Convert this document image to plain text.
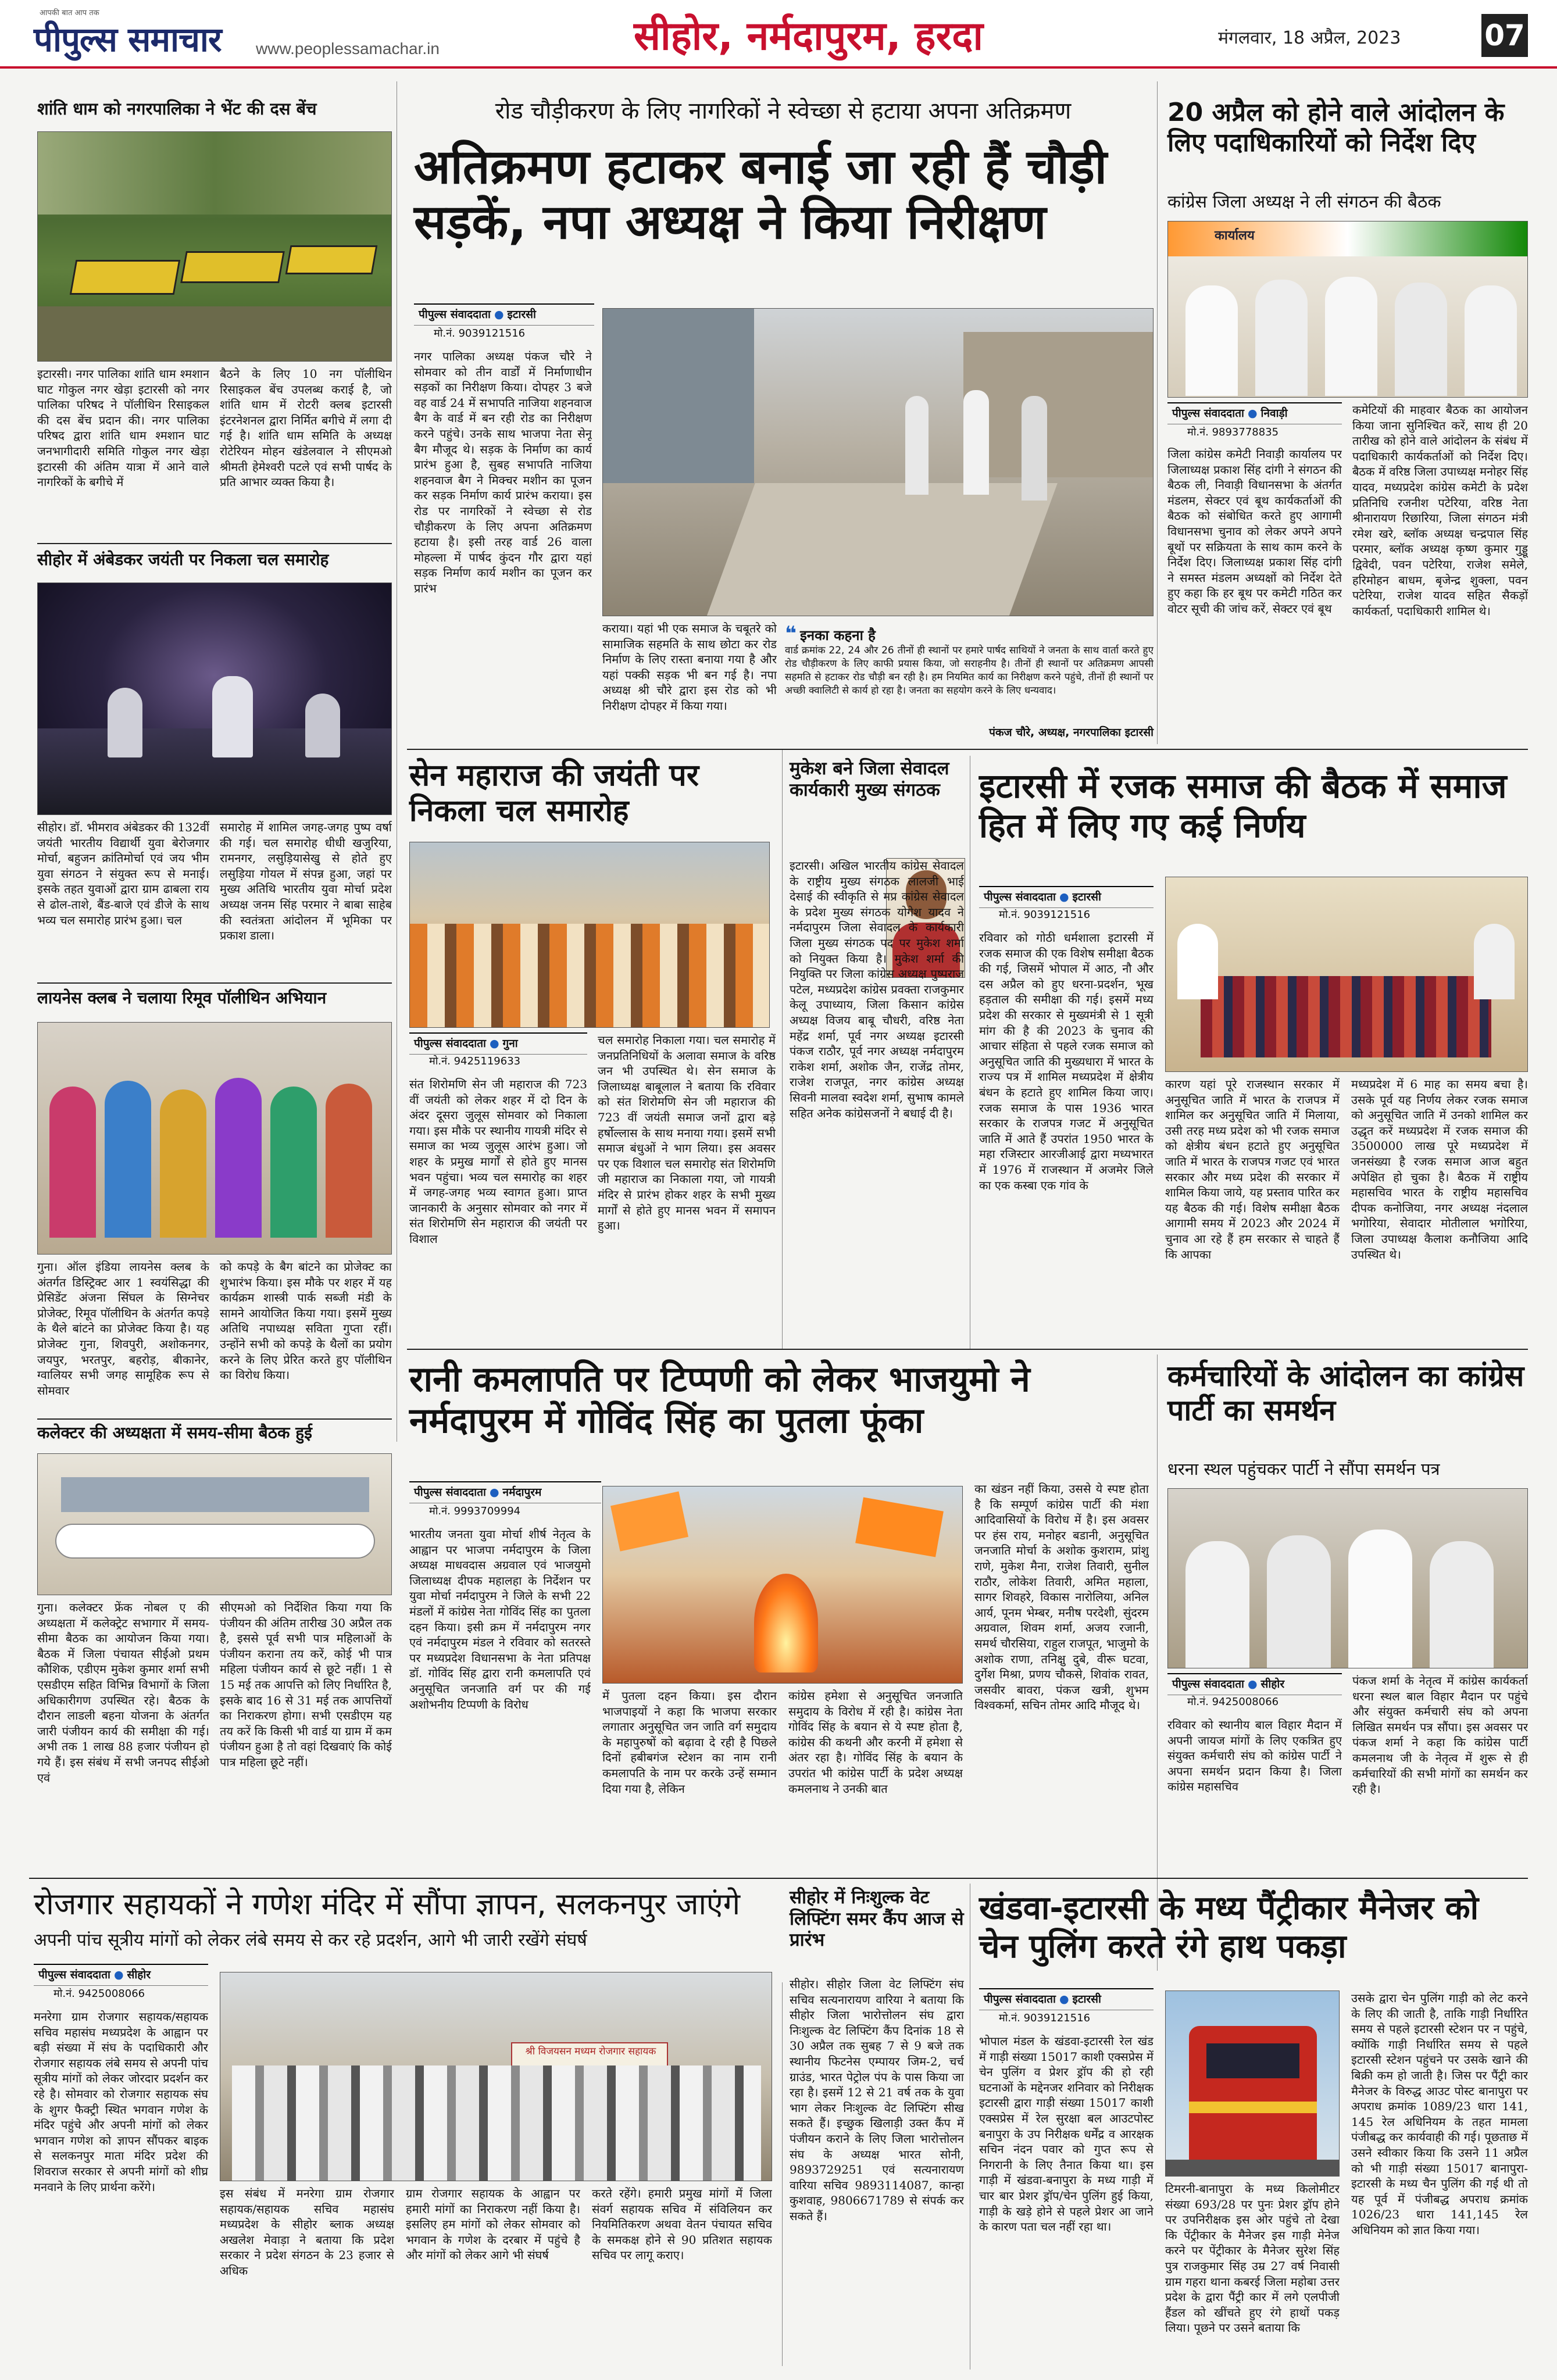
आपकी बात आप तक
पीपुल्स समाचार www.peoplessamachar.in	सीहोर, नर्मदापुरम, हरदा	मंगलवार, 18 अप्रैल, 2023	07
शांति धाम को नगरपालिका ने भेंट की दस बेंच
इटारसी। नगर पालिका शांति धाम श्मशान घाट गोकुल नगर खेड़ा इटारसी को नगर पालिका परिषद ने पॉलीथिन रिसाइकल की दस बेंच प्रदान की। नगर पालिका परिषद द्वारा शांति धाम श्मशान घाट जनभागीदारी समिति गोकुल नगर खेड़ा इटारसी की अंतिम यात्रा में आने वाले नागरिकों के बगीचे में
बैठने के लिए 10 नग पॉलीथिन रिसाइकल बेंच उपलब्ध कराई है, जो शांति धाम में रोटरी क्लब इटारसी इंटरनेशनल द्वारा निर्मित बगीचे में लगा दी गई है। शांति धाम समिति के अध्यक्ष रोटेरियन मोहन खंडेलवाल ने सीएमओ श्रीमती हेमेश्वरी पटले एवं सभी पार्षद के प्रति आभार व्यक्त किया है।
सीहोर में अंबेडकर जयंती पर निकला चल समारोह
सीहोर। डॉ. भीमराव अंबेडकर की 132वीं जयंती भारतीय विद्यार्थी युवा बेरोजगार मोर्चा, बहुजन क्रांतिमोर्चा एवं जय भीम युवा संगठन ने संयुक्त रूप से मनाई। इसके तहत युवाओं द्वारा ग्राम ढाबला राय से ढोल-ताशे, बैंड-बाजे एवं डीजे के साथ भव्य चल समारोह प्रारंभ हुआ। चल
समारोह में शामिल जगह-जगह पुष्प वर्षा की गई। चल समारोह धीधी खजुरिया, रामनगर, लसुड़ियासेखु से होते हुए लसुड़िया गोयल में संपन्न हुआ, जहां पर मुख्य अतिथि भारतीय युवा मोर्चा प्रदेश अध्यक्ष जनम सिंह परमार ने बाबा साहेब की स्वतंत्रता आंदोलन में भूमिका पर प्रकाश डाला।
लायनेस क्लब ने चलाया रिमूव पॉलीथिन अभियान
गुना। ऑल इंडिया लायनेस क्लब के अंतर्गत डिस्ट्रिक्ट आर 1 स्वयंसिद्धा की प्रेसिडेंट अंजना सिंघल के सिग्नेचर प्रोजेक्ट, रिमूव पॉलीथिन के अंतर्गत कपड़े के थैले बांटने का प्रोजेक्ट किया है। यह प्रोजेक्ट गुना, शिवपुरी, अशोकनगर, जयपुर, भरतपुर, बहरोड़, बीकानेर, ग्वालियर सभी जगह सामूहिक रूप से सोमवार
को कपड़े के बैग बांटने का प्रोजेक्ट का शुभारंभ किया। इस मौके पर शहर में यह कार्यक्रम शास्त्री पार्क सब्जी मंडी के सामने आयोजित किया गया। इसमें मुख्य अतिथि नपाध्यक्ष सविता गुप्ता रहीं। उन्होंने सभी को कपड़े के थैलों का प्रयोग करने के लिए प्रेरित करते हुए पॉलीथिन का विरोध किया।
कलेक्टर की अध्यक्षता में समय-सीमा बैठक हुई
गुना। कलेक्टर फ्रेंक नोबल ए की अध्यक्षता में कलेक्ट्रेट सभागार में समय-सीमा बैठक का आयोजन किया गया। बैठक में जिला पंचायत सीईओ प्रथम कौशिक, एडीएम मुकेश कुमार शर्मा सभी एसडीएम सहित विभिन्न विभागों के जिला अधिकारीगण उपस्थित रहे। बैठक के दौरान लाडली बहना योजना के अंतर्गत जारी पंजीयन कार्य की समीक्षा की गई। अभी तक 1 लाख 88 हजार पंजीयन हो गये हैं। इस संबंध में सभी जनपद सीईओ एवं
सीएमओ को निर्देशित किया गया कि पंजीयन की अंतिम तारीख 30 अप्रैल तक है, इससे पूर्व सभी पात्र महिलाओं के पंजीयन कराना तय करें, कोई भी पात्र महिला पंजीयन कार्य से छूटे नहीं। 1 से 15 मई तक आपत्ति को लिए निर्धारित है, इसके बाद 16 से 31 मई तक आपत्तियों का निराकरण होगा। सभी एसडीएम यह तय करें कि किसी भी वार्ड या ग्राम में कम पंजीयन हुआ है तो वहां दिखवाएं कि कोई पात्र महिला छूटे नहीं।
रोड चौड़ीकरण के लिए नागरिकों ने स्वेच्छा से हटाया अपना अतिक्रमण
अतिक्रमण हटाकर बनाई जा रही हैं चौड़ी सड़कें, नपा अध्यक्ष ने किया निरीक्षण
पीपुल्स संवाददाता ● इटारसी
मो.नं. 9039121516
नगर पालिका अध्यक्ष पंकज चौरे ने सोमवार को तीन वार्डों में निर्माणाधीन सड़कों का निरीक्षण किया। दोपहर 3 बजे वह वार्ड 24 में सभापति नाजिया शहनवाज बैग के वार्ड में बन रही रोड का निरीक्षण करने पहुंचे। उनके साथ भाजपा नेता सेनू बैग मौजूद थे। सड़क के निर्माण का कार्य प्रारंभ हुआ है, सुबह सभापति नाजिया शहनवाज बैग ने मिक्चर मशीन का पूजन कर सड़क निर्माण कार्य प्रारंभ कराया। इस रोड पर नागरिकों ने स्वेच्छा से रोड चौड़ीकरण के लिए अपना अतिक्रमण हटाया है। इसी तरह वार्ड 26 वाला मोहल्ला में पार्षद कुंदन गौर द्वारा यहां सड़क निर्माण कार्य मशीन का पूजन कर प्रारंभ
कराया। यहां भी एक समाज के चबूतरे को सामाजिक सहमति के साथ छोटा कर रोड निर्माण के लिए रास्ता बनाया गया है और यहां पक्की सड़क भी बन गई है। नपा अध्यक्ष श्री चौरे द्वारा इस रोड को भी निरीक्षण दोपहर में किया गया।
❝ इनका कहना है
वार्ड क्रमांक 22, 24 और 26 तीनों ही स्थानों पर हमारे पार्षद साथियों ने जनता के साथ वार्ता करते हुए रोड चौड़ीकरण के लिए काफी प्रयास किया, जो सराहनीय है। तीनों ही स्थानों पर अतिक्रमण आपसी सहमति से हटाकर रोड चौड़ी बन रही है। हम नियमित कार्य का निरीक्षण करने पहुंचे, तीनों ही स्थानों पर अच्छी क्वालिटी से कार्य हो रहा है। जनता का सहयोग करने के लिए धन्यवाद।
पंकज चौरे, अध्यक्ष, नगरपालिका इटारसी
20 अप्रैल को होने वाले आंदोलन के लिए पदाधिकारियों को निर्देश दिए
कांग्रेस जिला अध्यक्ष ने ली संगठन की बैठक
कार्यालय
पीपुल्स संवाददाता ● निवाड़ी
मो.नं. 9893778835
जिला कांग्रेस कमेटी निवाड़ी कार्यालय पर जिलाध्यक्ष प्रकाश सिंह दांगी ने संगठन की बैठक ली, निवाड़ी विधानसभा के अंतर्गत मंडलम, सेक्टर एवं बूथ कार्यकर्ताओं की बैठक को संबोधित करते हुए आगामी विधानसभा चुनाव को लेकर अपने अपने बूथों पर सक्रियता के साथ काम करने के निर्देश दिए। जिलाध्यक्ष प्रकाश सिंह दांगी ने समस्त मंडलम अध्यक्षों को निर्देश देते हुए कहा कि हर बूथ पर कमेटी गठित कर वोटर सूची की जांच करें, सेक्टर एवं बूथ
कमेटियों की माहवार बैठक का आयोजन किया जाना सुनिश्चित करें, साथ ही 20 तारीख को होने वाले आंदोलन के संबंध में पदाधिकारी कार्यकर्ताओं को निर्देश दिए। बैठक में वरिष्ठ जिला उपाध्यक्ष मनोहर सिंह यादव, मध्यप्रदेश कांग्रेस कमेटी के प्रदेश प्रतिनिधि रजनीश पटेरिया, वरिष्ठ नेता श्रीनारायण रिछारिया, जिला संगठन मंत्री रमेश खरे, ब्लॉक अध्यक्ष चन्द्रपाल सिंह परमार, ब्लॉक अध्यक्ष कृष्ण कुमार गुड्डू द्विवेदी, पवन पटेरिया, राजेश समेले, हरिमोहन बाधम, बृजेन्द्र शुक्ला, पवन पटेरिया, राजेश यादव सहित सैकड़ों कार्यकर्ता, पदाधिकारी शामिल थे।
सेन महाराज की जयंती पर निकला चल समारोह
पीपुल्स संवाददाता ● गुना
मो.नं. 9425119633
संत शिरोमणि सेन जी महाराज की 723 वीं जयंती को लेकर शहर में दो दिन के अंदर दूसरा जुलूस सोमवार को निकाला गया। इस मौके पर स्थानीय गायत्री मंदिर से समाज का भव्य जुलूस आरंभ हुआ। जो शहर के प्रमुख मार्गों से होते हुए मानस भवन पहुंचा। भव्य चल समारोह का शहर में जगह-जगह भव्य स्वागत हुआ। प्राप्त जानकारी के अनुसार सोमवार को नगर में संत शिरोमणि सेन महाराज की जयंती पर विशाल
चल समारोह निकाला गया। चल समारोह में जनप्रतिनिधियों के अलावा समाज के वरिष्ठ जन भी उपस्थित थे। सेन समाज के जिलाध्यक्ष बाबूलाल ने बताया कि रविवार को संत शिरोमणि सेन जी महाराज की 723 वीं जयंती समाज जनों द्वारा बड़े हर्षोल्लास के साथ मनाया गया। इसमें सभी समाज बंधुओं ने भाग लिया। इस अवसर पर एक विशाल चल समारोह संत शिरोमणि जी महाराज का निकाला गया, जो गायत्री मंदिर से प्रारंभ होकर शहर के सभी मुख्य मार्गों से होते हुए मानस भवन में समापन हुआ।
मुकेश बने जिला सेवादल कार्यकारी मुख्य संगठक
इटारसी। अखिल भारतीय कांग्रेस सेवादल के राष्ट्रीय मुख्य संगठक लालजी भाई देसाई की स्वीकृति से मप्र कांग्रेस सेवादल के प्रदेश मुख्य संगठक योगेश यादव ने नर्मदापुरम जिला सेवादल के कार्यकारी जिला मुख्य संगठक पद पर मुकेश शर्मा को नियुक्त किया है। मुकेश शर्मा की नियुक्ति पर जिला कांग्रेस अध्यक्ष पुष्पराज पटेल, मध्यप्रदेश कांग्रेस प्रवक्ता राजकुमार केलू उपाध्याय, जिला किसान कांग्रेस अध्यक्ष विजय बाबू चौधरी, वरिष्ठ नेता महेंद्र शर्मा, पूर्व नगर अध्यक्ष इटारसी पंकज राठौर, पूर्व नगर अध्यक्ष नर्मदापुरम राकेश शर्मा, अशोक जैन, राजेंद्र तोमर, राजेश राजपूत, नगर कांग्रेस अध्यक्ष सिवनी मालवा स्वदेश शर्मा, सुभाष कामले सहित अनेक कांग्रेसजनों ने बधाई दी है।
इटारसी में रजक समाज की बैठक में समाज हित में लिए गए कई निर्णय
पीपुल्स संवाददाता ● इटारसी
मो.नं. 9039121516
रविवार को गोठी धर्मशाला इटारसी में रजक समाज की एक विशेष समीक्षा बैठक की गई, जिसमें भोपाल में आठ, नौ और दस अप्रैल को हुए धरना-प्रदर्शन, भूख हड़ताल की समीक्षा की गई। इसमें मध्य प्रदेश की सरकार से मुख्यमंत्री से 1 सूत्री मांग की है की 2023 के चुनाव की आचार संहिता से पहले रजक समाज को अनुसूचित जाति की मुख्यधारा में भारत के राज्य पत्र में शामिल मध्यप्रदेश में क्षेत्रीय बंधन के हटाते हुए शामिल किया जाए। रजक समाज के पास 1936 भारत सरकार के राजपत्र गजट में अनुसूचित जाति में आते हैं उपरांत 1950 भारत के महा रजिस्टार आरजीआई द्वारा मध्यभारत में 1976 में राजस्थान में अजमेर जिले का एक कस्बा एक गांव के
कारण यहां पूरे राजस्थान सरकार में अनुसूचित जाति में भारत के राजपत्र में शामिल कर अनुसूचित जाति में मिलाया, उसी तरह मध्य प्रदेश को भी रजक समाज को क्षेत्रीय बंधन हटाते हुए अनुसूचित जाति में भारत के राजपत्र गजट एवं भारत सरकार और मध्य प्रदेश की सरकार में शामिल किया जाये, यह प्रस्ताव पारित कर यह बैठक की गई। विशेष समीक्षा बैठक आगामी समय में 2023 और 2024 में चुनाव आ रहे हैं हम सरकार से चाहते हैं कि आपका
मध्यप्रदेश में 6 माह का समय बचा है। उसके पूर्व यह निर्णय लेकर रजक समाज को अनुसूचित जाति में उनको शामिल कर उद्धृत करें मध्यप्रदेश में रजक समाज की 3500000 लाख पूरे मध्यप्रदेश में जनसंख्या है रजक समाज आज बहुत अपेक्षित हो चुका है। बैठक में राष्ट्रीय महासचिव भारत के राष्ट्रीय महासचिव दीपक कनोजिया, नगर अध्यक्ष नंदलाल भगोरिया, सेवादार मोतीलाल भगोरिया, जिला उपाध्यक्ष कैलाश कनौजिया आदि उपस्थित थे।
रानी कमलापति पर टिप्पणी को लेकर भाजयुमो ने नर्मदापुरम में गोविंद सिंह का पुतला फूंका
पीपुल्स संवाददाता ● नर्मदापुरम
मो.नं. 9993709994
भारतीय जनता युवा मोर्चा शीर्ष नेतृत्व के आह्वान पर भाजपा नर्मदापुरम के जिला अध्यक्ष माधवदास अग्रवाल एवं भाजयुमो जिलाध्यक्ष दीपक महालहा के निर्देशन पर युवा मोर्चा नर्मदापुरम ने जिले के सभी 22 मंडलों में कांग्रेस नेता गोविंद सिंह का पुतला दहन किया। इसी क्रम में नर्मदापुरम नगर एवं नर्मदापुरम मंडल ने रविवार को सतरस्ते पर मध्यप्रदेश विधानसभा के नेता प्रतिपक्ष डॉ. गोविंद सिंह द्वारा रानी कमलापति एवं अनुसूचित जनजाति वर्ग पर की गई अशोभनीय टिप्पणी के विरोध
में पुतला दहन किया। इस दौरान भाजपाइयों ने कहा कि भाजपा सरकार लगातार अनुसूचित जन जाति वर्ग समुदाय के महापुरुषों को बढ़ावा दे रही है पिछले दिनों हबीबगंज स्टेशन का नाम रानी कमलापति के नाम पर करके उन्हें सम्मान दिया गया है, लेकिन
कांग्रेस हमेशा से अनुसूचित जनजाति समुदाय के विरोध में रही है। कांग्रेस नेता गोविंद सिंह के बयान से ये स्पष्ट होता है, कांग्रेस की कथनी और करनी में हमेशा से अंतर रहा है। गोविंद सिंह के बयान के उपरांत भी कांग्रेस पार्टी के प्रदेश अध्यक्ष कमलनाथ ने उनकी बात
का खंडन नहीं किया, उससे ये स्पष्ट होता है कि सम्पूर्ण कांग्रेस पार्टी की मंशा आदिवासियों के विरोध में है। इस अवसर पर हंस राय, मनोहर बडानी, अनुसूचित जनजाति मोर्चा के अशोक कुशराम, प्रांशु राणे, मुकेश मैना, राजेश तिवारी, सुनील राठौर, लोकेश तिवारी, अमित महाला, सागर शिवहरे, विकास नारोलिया, अनिल आर्य, पूनम भेम्बर, मनीष परदेशी, सुंदरम अग्रवाल, शिवम शर्मा, अजय रजानी, समर्थ चौरसिया, राहुल राजपूत, भाजुमो के अशोक राणा, तनिक्षु दुबे, वीरू घटवा, दुर्गेश मिश्रा, प्रणय चौकसे, शिवांक रावत, जसवीर बावरा, पंकज खत्री, शुभम विश्वकर्मा, सचिन तोमर आदि मौजूद थे।
कर्मचारियों के आंदोलन का कांग्रेस पार्टी का समर्थन
धरना स्थल पहुंचकर पार्टी ने सौंपा समर्थन पत्र
पीपुल्स संवाददाता ● सीहोर
मो.नं. 9425008066
रविवार को स्थानीय बाल विहार मैदान में अपनी जायज मांगों के लिए एकत्रित हुए संयुक्त कर्मचारी संघ को कांग्रेस पार्टी ने अपना समर्थन प्रदान किया है। जिला कांग्रेस महासचिव
पंकज शर्मा के नेतृत्व में कांग्रेस कार्यकर्ता धरना स्थल बाल विहार मैदान पर पहुंचे और संयुक्त कर्मचारी संघ को अपना लिखित समर्थन पत्र सौंपा। इस अवसर पर पंकज शर्मा ने कहा कि कांग्रेस पार्टी कमलनाथ जी के नेतृत्व में शुरू से ही कर्मचारियों की सभी मांगों का समर्थन कर रही है।
रोजगार सहायकों ने गणेश मंदिर में सौंपा ज्ञापन, सलकनपुर जाएंगे
अपनी पांच सूत्रीय मांगों को लेकर लंबे समय से कर रहे प्रदर्शन, आगे भी जारी रखेंगे संघर्ष
पीपुल्स संवाददाता ● सीहोर
मो.नं. 9425008066
मनरेगा ग्राम रोजगार सहायक/सहायक सचिव महासंघ मध्यप्रदेश के आह्वान पर बड़ी संख्या में संघ के पदाधिकारी और रोजगार सहायक लंबे समय से अपनी पांच सूत्रीय मांगों को लेकर जोरदार प्रदर्शन कर रहे है। सोमवार को रोजगार सहायक संघ के शुगर फैक्ट्री स्थित भगवान गणेश के मंदिर पहुंचे और अपनी मांगों को लेकर भगवान गणेश को ज्ञापन सौंपकर बाइक से सलकनपुर माता मंदिर प्रदेश की शिवराज सरकार से अपनी मांगों को शीघ्र मनवाने के लिए प्रार्थना करेंगे।
श्री विजयसन मध्यम रोजगार सहायक
इस संबंध में मनरेगा ग्राम रोजगार सहायक/सहायक सचिव महासंघ मध्यप्रदेश के सीहोर ब्लाक अध्यक्ष अखलेश मेवाड़ा ने बताया कि प्रदेश सरकार ने प्रदेश संगठन के 23 हजार से अधिक
ग्राम रोजगार सहायक के आह्वान पर हमारी मांगों का निराकरण नहीं किया है। इसलिए हम मांगों को लेकर सोमवार को भगवान के गणेश के दरबार में पहुंचे है और मांगों को लेकर आगे भी संघर्ष
करते रहेंगे। हमारी प्रमुख मांगों में जिला संवर्ग सहायक सचिव में संविलियन कर नियमितिकरण अथवा वेतन पंचायत सचिव के समकक्ष होने से 90 प्रतिशत सहायक सचिव पर लागू कराए।
सीहोर में निःशुल्क वेट लिफ्टिंग समर कैंप आज से प्रारंभ
सीहोर। सीहोर जिला वेट लिफ्टिंग संघ सचिव सत्यनारायण वारिया ने बताया कि सीहोर जिला भारोत्तोलन संघ द्वारा निःशुल्क वेट लिफ्टिंग कैंप दिनांक 18 से 30 अप्रैल तक सुबह 7 से 9 बजे तक स्थानीय फिटनेस एम्पायर जिम-2, चर्च ग्राउंड, भारत पेट्रोल पंप के पास किया जा रहा है। इसमें 12 से 21 वर्ष तक के युवा भाग लेकर निःशुल्क वेट लिफ्टिंग सीख सकते हैं। इच्छुक खिलाड़ी उक्त कैंप में पंजीयन कराने के लिए जिला भारोत्तोलन संघ के अध्यक्ष भारत सोनी, 9893729251 एवं सत्यनारायण वारिया सचिव 9893114087, कान्हा कुशवाह, 9806671789 से संपर्क कर सकते हैं।
खंडवा-इटारसी के मध्य पैंट्रीकार मैनेजर को चेन पुलिंग करते रंगे हाथ पकड़ा
पीपुल्स संवाददाता ● इटारसी
मो.नं. 9039121516
भोपाल मंडल के खंडवा-इटारसी रेल खंड में गाड़ी संख्या 15017 काशी एक्सप्रेस में चेन पुलिंग व प्रेशर ड्रॉप की हो रही घटनाओं के मद्देनजर शनिवार को निरीक्षक इटारसी द्वारा गाड़ी संख्या 15017 काशी एक्सप्रेस में रेल सुरक्षा बल आउटपोस्ट बनापुरा के उप निरीक्षक धर्मेंद्र व आरक्षक सचिन नंदन पवार को गुप्त रूप से निगरानी के लिए तैनात किया था। इस गाड़ी में खंडवा-बनापुरा के मध्य गाड़ी में चार बार प्रेशर ड्रॉप/चेन पुलिंग हुई किया, गाड़ी के खड़े होने से पहले प्रेशर आ जाने के कारण पता चल नहीं रहा था।
टिमरनी-बानापुरा के मध्य किलोमीटर संख्या 693/28 पर पुनः प्रेशर ड्रॉप होने पर उपनिरीक्षक इस ओर पहुंचे तो देखा कि पेंट्रीकार के मैनेजर इस गाड़ी मेनेज करने पर पेंट्रीकार के मैनेजर सुरेश सिंह पुत्र राजकुमार सिंह उम्र 27 वर्ष निवासी ग्राम गहरा थाना कबरई जिला महोबा उत्तर प्रदेश के द्वारा पैंट्री कार में लगे एलपीजी हैंडल को खींचते हुए रंगे हाथों पकड़ लिया। पूछने पर उसने बताया कि
उसके द्वारा चेन पुलिंग गाड़ी को लेट करने के लिए की जाती है, ताकि गाड़ी निर्धारित समय से पहले इटारसी स्टेशन पर न पहुंचे, क्योंकि गाड़ी निर्धारित समय से पहले इटारसी स्टेशन पहुंचने पर उसके खाने की बिक्री कम हो जाती है। जिस पर पैंट्री कार मैनेजर के विरुद्ध आउट पोस्ट बानापुरा पर अपराध क्रमांक 1089/23 धारा 141, 145 रेल अधिनियम के तहत मामला पंजीबद्ध कर कार्यवाही की गई। पूछताछ में उसने स्वीकार किया कि उसने 11 अप्रैल को भी गाड़ी संख्या 15017 बानापुरा-इटारसी के मध्य चैन पुलिंग की गई थी तो यह पूर्व में पंजीबद्ध अपराध क्रमांक 1026/23 धारा 141,145 रेल अधिनियम को ज्ञात किया गया।
